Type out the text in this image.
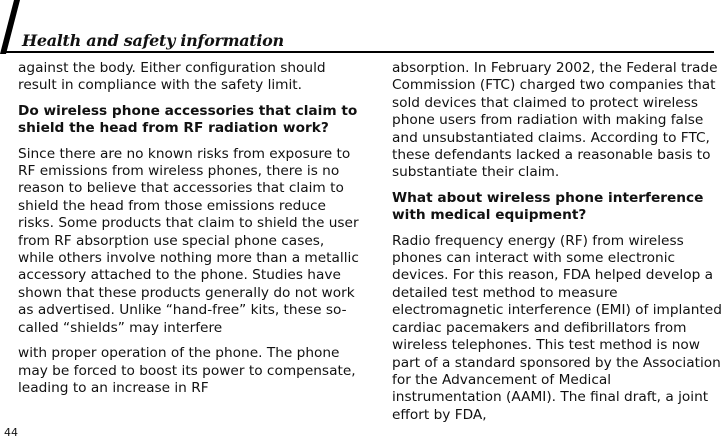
Health and safety information

against the body. Either configuration should result in compliance with the safety limit.

Do wireless phone accessories that claim to shield the head from RF radiation work?

Since there are no known risks from exposure to RF emissions from wireless phones, there is no reason to believe that accessories that claim to shield the head from those emissions reduce risks. Some products that claim to shield the user from RF absorption use special phone cases, while others involve nothing more than a metallic accessory attached to the phone. Studies have shown that these products generally do not work as advertised. Unlike “hand-free” kits, these so-called “shields” may interfere

with proper operation of the phone. The phone may be forced to boost its power to compensate, leading to an increase in RF

absorption. In February 2002, the Federal trade Commission (FTC) charged two companies that sold devices that claimed to protect wireless phone users from radiation with making false and unsubstantiated claims. According to FTC, these defendants lacked a reasonable basis to substantiate their claim.

What about wireless phone interference with medical equipment?

Radio frequency energy (RF) from wireless phones can interact with some electronic devices. For this reason, FDA helped develop a detailed test method to measure electromagnetic interference (EMI) of implanted cardiac pacemakers and defibrillators from wireless telephones. This test method is now part of a standard sponsored by the Association for the Advancement of Medical instrumentation (AAMI). The final draft, a joint effort by FDA,

44
